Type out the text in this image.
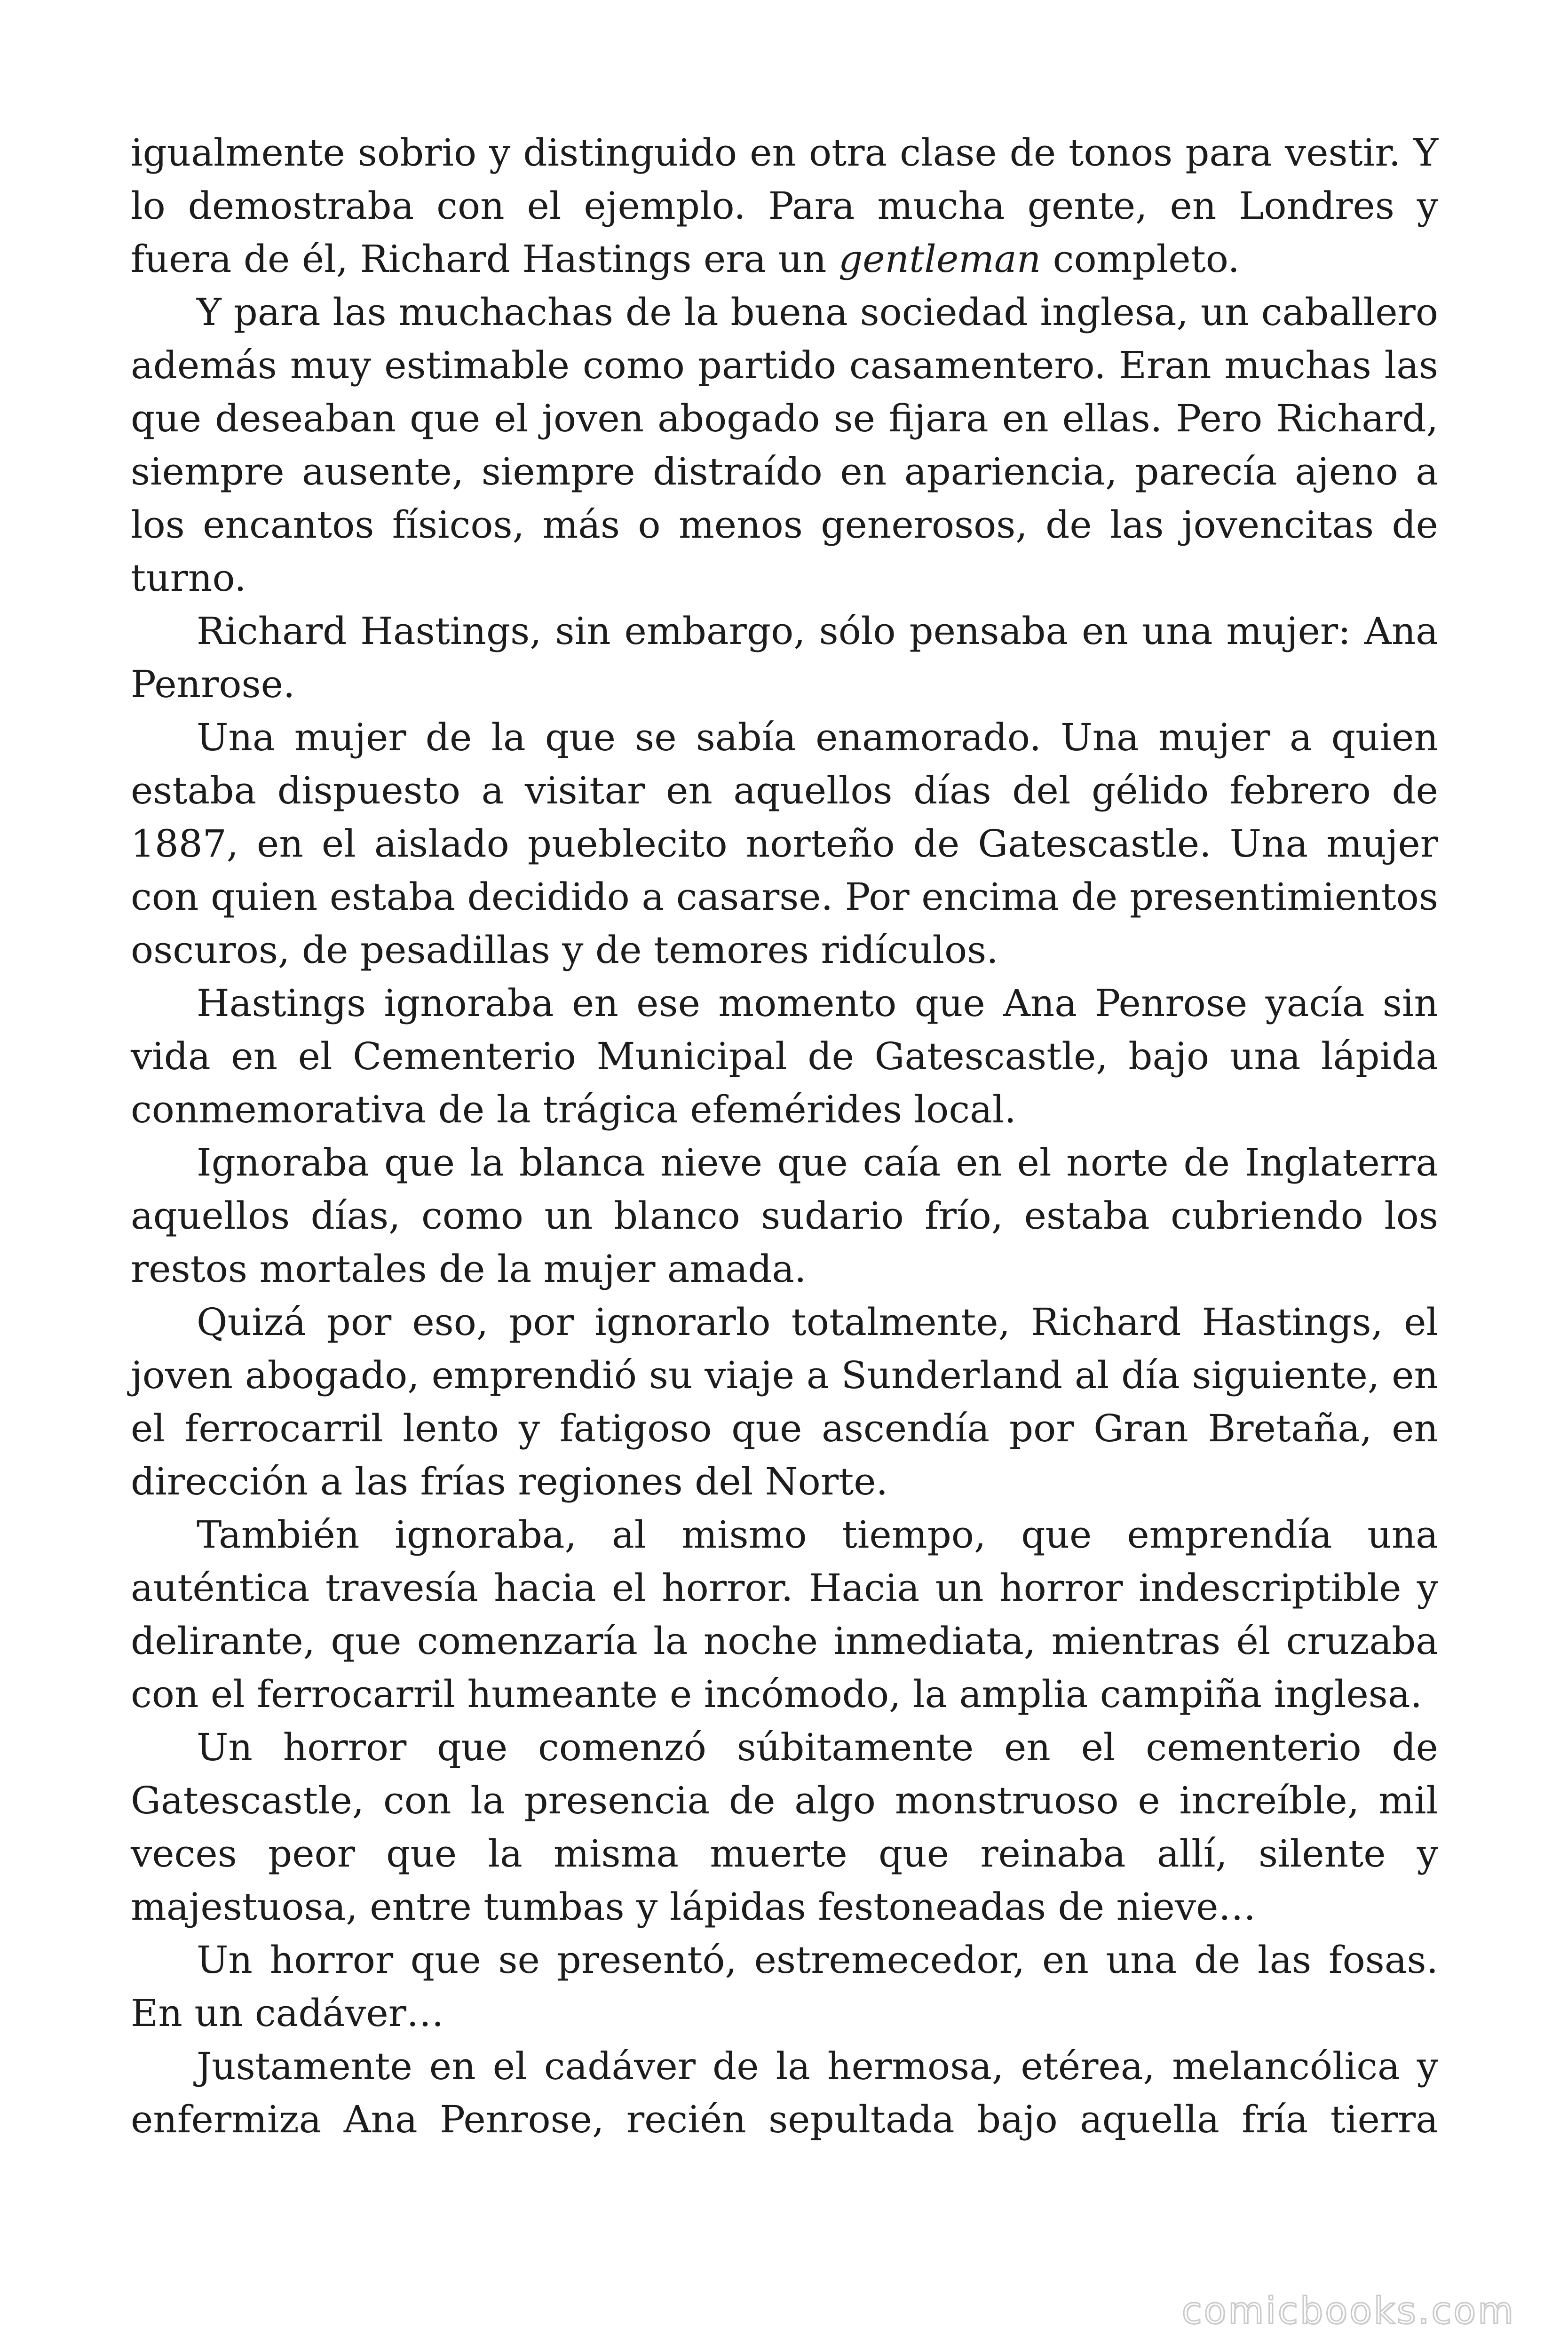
igualmente sobrio y distinguido en otra clase de tonos para vestir. Y lo demostraba con el ejemplo. Para mucha gente, en Londres y fuera de él, Richard Hastings era un gentleman completo.

Y para las muchachas de la buena sociedad inglesa, un caballero además muy estimable como partido casamentero. Eran muchas las que deseaban que el joven abogado se fijara en ellas. Pero Richard, siempre ausente, siempre distraído en apariencia, parecía ajeno a los encantos físicos, más o menos generosos, de las jovencitas de turno.

Richard Hastings, sin embargo, sólo pensaba en una mujer: Ana Penrose.

Una mujer de la que se sabía enamorado. Una mujer a quien estaba dispuesto a visitar en aquellos días del gélido febrero de 1887, en el aislado pueblecito norteño de Gatescastle. Una mujer con quien estaba decidido a casarse. Por encima de presentimientos oscuros, de pesadillas y de temores ridículos.

Hastings ignoraba en ese momento que Ana Penrose yacía sin vida en el Cementerio Municipal de Gatescastle, bajo una lápida conmemorativa de la trágica efemérides local.

Ignoraba que la blanca nieve que caía en el norte de Inglaterra aquellos días, como un blanco sudario frío, estaba cubriendo los restos mortales de la mujer amada.

Quizá por eso, por ignorarlo totalmente, Richard Hastings, el joven abogado, emprendió su viaje a Sunderland al día siguiente, en el ferrocarril lento y fatigoso que ascendía por Gran Bretaña, en dirección a las frías regiones del Norte.

También ignoraba, al mismo tiempo, que emprendía una auténtica travesía hacia el horror. Hacia un horror indescriptible y delirante, que comenzaría la noche inmediata, mientras él cruzaba con el ferrocarril humeante e incómodo, la amplia campiña inglesa.

Un horror que comenzó súbitamente en el cementerio de Gatescastle, con la presencia de algo monstruoso e increíble, mil veces peor que la misma muerte que reinaba allí, silente y majestuosa, entre tumbas y lápidas festoneadas de nieve…

Un horror que se presentó, estremecedor, en una de las fosas. En un cadáver…

Justamente en el cadáver de la hermosa, etérea, melancólica y enfermiza Ana Penrose, recién sepultada bajo aquella fría tierra

comicbooks.com
